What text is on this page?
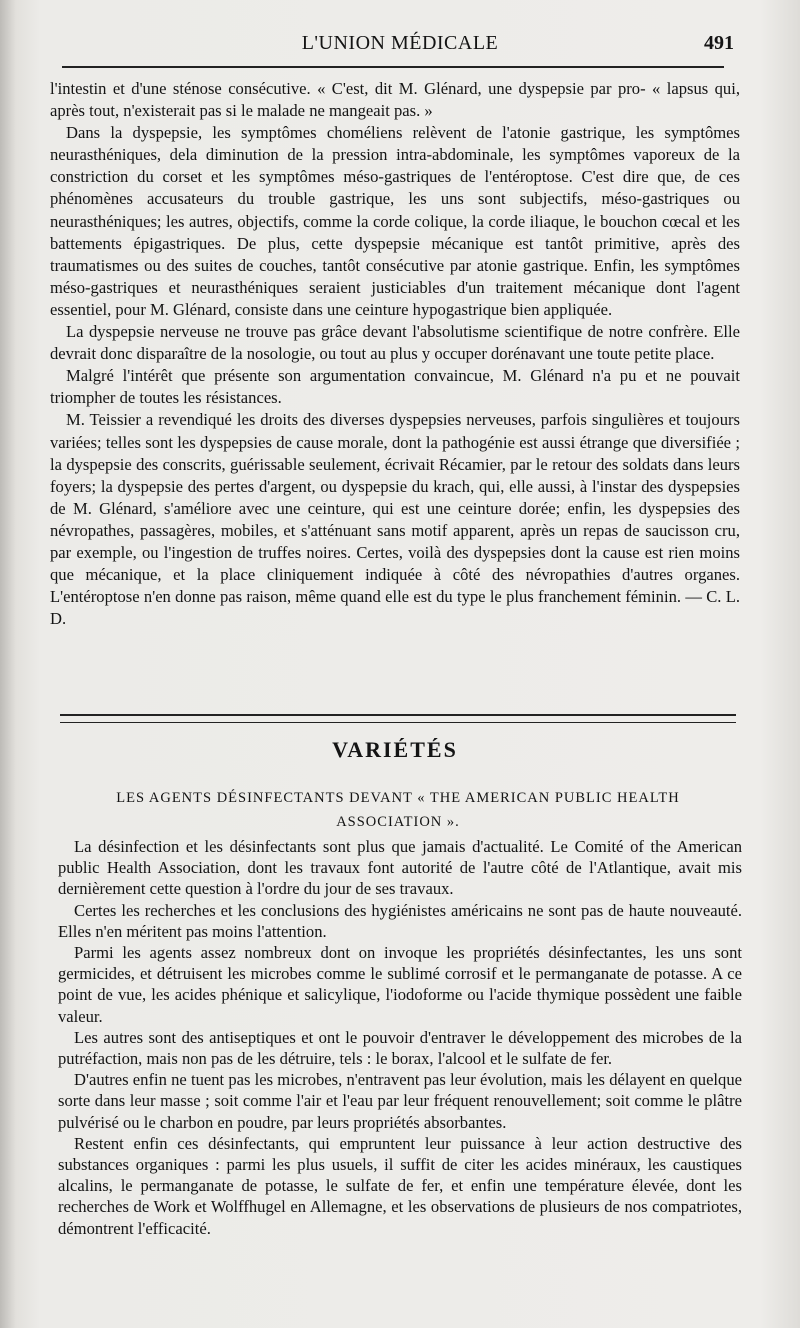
L'UNION MÉDICALE	491

l'intestin et d'une sténose consécutive. « C'est, dit M. Glénard, une dyspepsie par pro- « lapsus qui, après tout, n'existerait pas si le malade ne mangeait pas. »

Dans la dyspepsie, les symptômes choméliens relèvent de l'atonie gastrique, les symptômes neurasthéniques, dela diminution de la pression intra-abdominale, les symptômes vaporeux de la constriction du corset et les symptômes méso-gastriques de l'entéroptose. C'est dire que, de ces phénomènes accusateurs du trouble gastrique, les uns sont subjectifs, méso-gastriques ou neurasthéniques; les autres, objectifs, comme la corde colique, la corde iliaque, le bouchon cœcal et les battements épigastriques. De plus, cette dyspepsie mécanique est tantôt primitive, après des traumatismes ou des suites de couches, tantôt consécutive par atonie gastrique. Enfin, les symptômes méso-gastriques et neurasthéniques seraient justiciables d'un traitement mécanique dont l'agent essentiel, pour M. Glénard, consiste dans une ceinture hypogastrique bien appliquée.

La dyspepsie nerveuse ne trouve pas grâce devant l'absolutisme scientifique de notre confrère. Elle devrait donc disparaître de la nosologie, ou tout au plus y occuper dorénavant une toute petite place.

Malgré l'intérêt que présente son argumentation convaincue, M. Glénard n'a pu et ne pouvait triompher de toutes les résistances.

M. Teissier a revendiqué les droits des diverses dyspepsies nerveuses, parfois singulières et toujours variées; telles sont les dyspepsies de cause morale, dont la pathogénie est aussi étrange que diversifiée ; la dyspepsie des conscrits, guérissable seulement, écrivait Récamier, par le retour des soldats dans leurs foyers; la dyspepsie des pertes d'argent, ou dyspepsie du krach, qui, elle aussi, à l'instar des dyspepsies de M. Glénard, s'améliore avec une ceinture, qui est une ceinture dorée; enfin, les dyspepsies des névropathes, passagères, mobiles, et s'atténuant sans motif apparent, après un repas de saucisson cru, par exemple, ou l'ingestion de truffes noires. Certes, voilà des dyspepsies dont la cause est rien moins que mécanique, et la place cliniquement indiquée à côté des névropathies d'autres organes. L'entéroptose n'en donne pas raison, même quand elle est du type le plus franchement féminin. — C. L. D.

VARIÉTÉS
LES AGENTS DÉSINFECTANTS DEVANT « THE AMERICAN PUBLIC HEALTH
ASSOCIATION ».

La désinfection et les désinfectants sont plus que jamais d'actualité. Le Comité of the American public Health Association, dont les travaux font autorité de l'autre côté de l'Atlantique, avait mis dernièrement cette question à l'ordre du jour de ses travaux.

Certes les recherches et les conclusions des hygiénistes américains ne sont pas de haute nouveauté. Elles n'en méritent pas moins l'attention.

Parmi les agents assez nombreux dont on invoque les propriétés désinfectantes, les uns sont germicides, et détruisent les microbes comme le sublimé corrosif et le permanganate de potasse. A ce point de vue, les acides phénique et salicylique, l'iodoforme ou l'acide thymique possèdent une faible valeur.

Les autres sont des antiseptiques et ont le pouvoir d'entraver le développement des microbes de la putréfaction, mais non pas de les détruire, tels : le borax, l'alcool et le sulfate de fer.

D'autres enfin ne tuent pas les microbes, n'entravent pas leur évolution, mais les délayent en quelque sorte dans leur masse ; soit comme l'air et l'eau par leur fréquent renouvellement; soit comme le plâtre pulvérisé ou le charbon en poudre, par leurs propriétés absorbantes.

Restent enfin ces désinfectants, qui empruntent leur puissance à leur action destructive des substances organiques : parmi les plus usuels, il suffit de citer les acides minéraux, les caustiques alcalins, le permanganate de potasse, le sulfate de fer, et enfin une température élevée, dont les recherches de Work et Wolffhugel en Allemagne, et les observations de plusieurs de nos compatriotes, démontrent l'efficacité.
